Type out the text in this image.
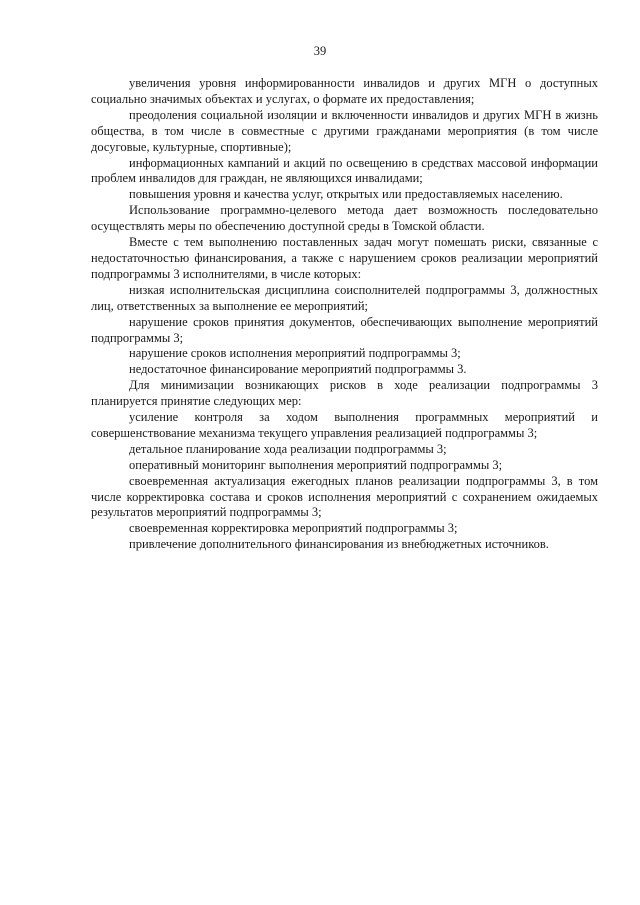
39

увеличения уровня информированности инвалидов и других МГН о доступных социально значимых объектах и услугах, о формате их предоставления;

преодоления социальной изоляции и включенности инвалидов и других МГН в жизнь общества, в том числе в совместные с другими гражданами мероприятия (в том числе досуговые, культурные, спортивные);

информационных кампаний и акций по освещению в средствах массовой информации проблем инвалидов для граждан, не являющихся инвалидами;

повышения уровня и качества услуг, открытых или предоставляемых населению.

Использование программно-целевого метода дает возможность последовательно осуществлять меры по обеспечению доступной среды в Томской области.

Вместе с тем выполнению поставленных задач могут помешать риски, связанные с недостаточностью финансирования, а также с нарушением сроков реализации мероприятий подпрограммы 3 исполнителями, в числе которых:

низкая исполнительская дисциплина соисполнителей подпрограммы 3, должностных лиц, ответственных за выполнение ее мероприятий;

нарушение сроков принятия документов, обеспечивающих выполнение мероприятий подпрограммы 3;

нарушение сроков исполнения мероприятий подпрограммы 3;

недостаточное финансирование мероприятий подпрограммы 3.

Для минимизации возникающих рисков в ходе реализации подпрограммы 3 планируется принятие следующих мер:

усиление контроля за ходом выполнения программных мероприятий и совершенствование механизма текущего управления реализацией подпрограммы 3;

детальное планирование хода реализации подпрограммы 3;

оперативный мониторинг выполнения мероприятий подпрограммы 3;

своевременная актуализация ежегодных планов реализации подпрограммы 3, в том числе корректировка состава и сроков исполнения мероприятий с сохранением ожидаемых результатов мероприятий подпрограммы 3;

своевременная корректировка мероприятий подпрограммы 3;

привлечение дополнительного финансирования из внебюджетных источников.
